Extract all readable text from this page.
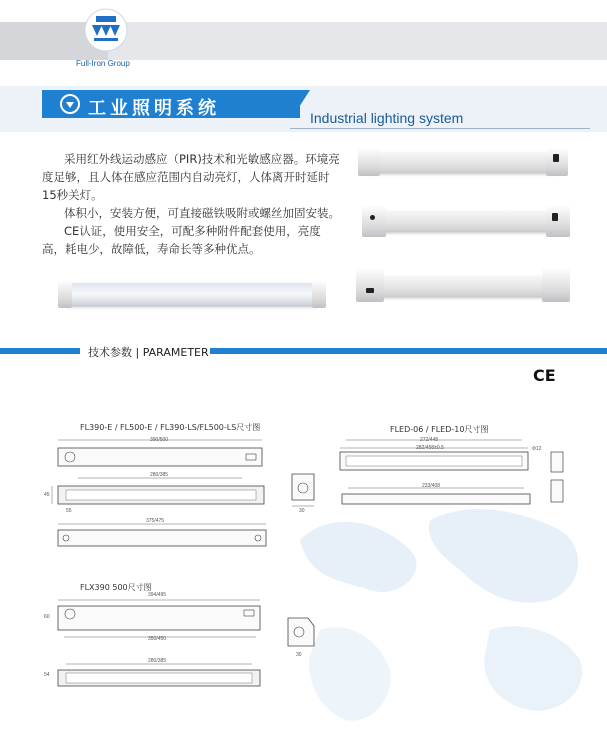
Full-Iron Group
工业照明系统	Industrial lighting system

采用红外线运动感应（PIR)技术和光敏感应器。环境亮度足够，且人体在感应范围内自动亮灯，人体离开时延时15秒关灯。

体积小，安装方便，可直接磁铁吸附或螺丝加固安装。

CE认证，使用安全，可配多种附件配套使用，亮度高，耗电少，故障低，寿命长等多种优点。

技术参数 | PARAMETER
CE
FL390-E / FL500-E / FL390-LS/FL500-LS尺寸图
390/500
280/385
45
55
375/475
30
FLED-06 / FLED-10尺寸图
272/448
282/458±0.5
233/408
Φ12
FLX390 500尺寸图
394/495
60
350/450
280/385
54
30
